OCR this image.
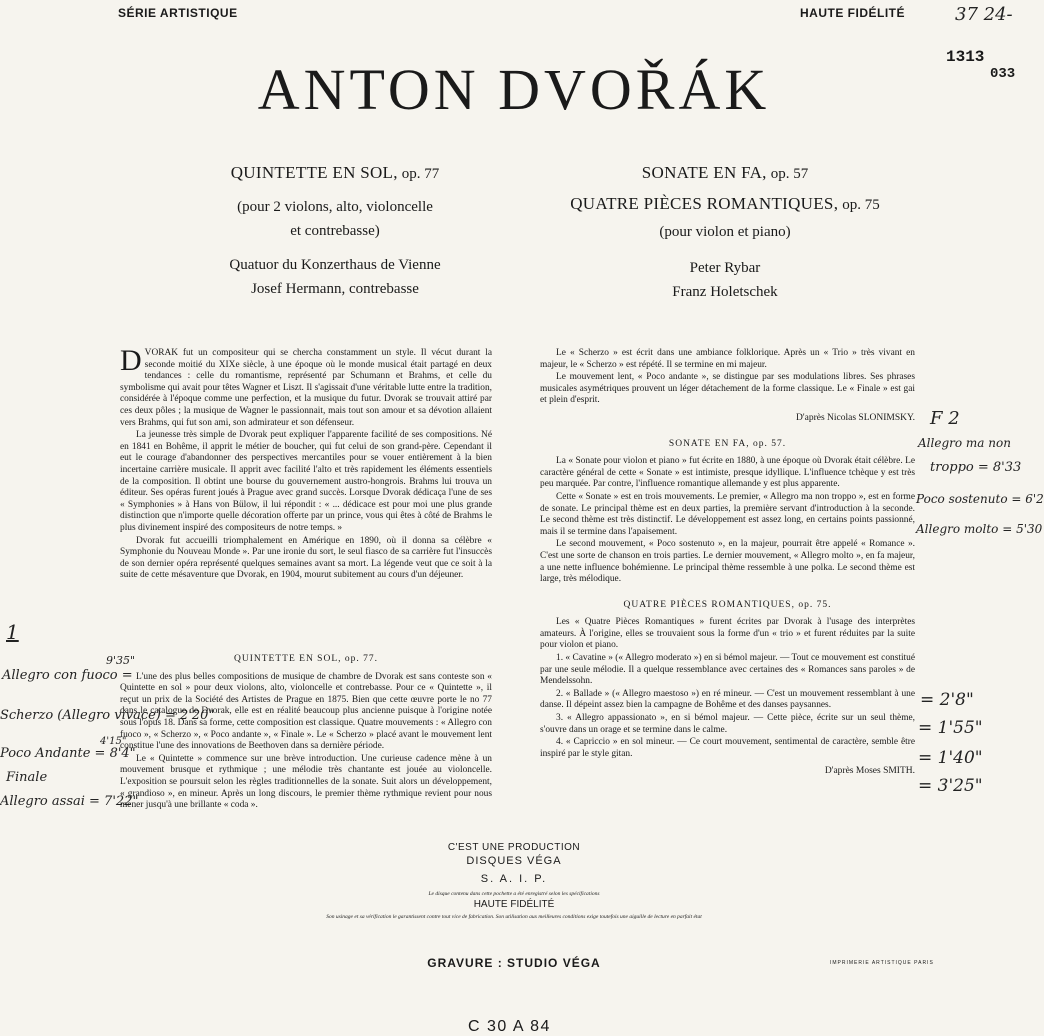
SÉRIE ARTISTIQUE	HAUTE FIDÉLITÉ	37 24-
1313
033
ANTON DVOŘÁK
QUINTETTE EN SOL, op. 77
(pour 2 violons, alto, violoncelle
et contrebasse)
Quatuor du Konzerthaus de Vienne
Josef Hermann, contrebasse
SONATE EN FA, op. 57
QUATRE PIÈCES ROMANTIQUES, op. 75
(pour violon et piano)
Peter Rybar
Franz Holetschek

DVORAK fut un compositeur qui se chercha constamment un style. Il vécut durant la seconde moitié du XIXe siècle, à une époque où le monde musical était partagé en deux tendances : celle du romantisme, représenté par Schumann et Brahms, et celle du symbolisme qui avait pour têtes Wagner et Liszt. Il s'agissait d'une véritable lutte entre la tradition, considérée à l'époque comme une perfection, et la musique du futur. Dvorak se trouvait attiré par ces deux pôles ; la musique de Wagner le passionnait, mais tout son amour et sa dévotion allaient vers Brahms, qui fut son ami, son admirateur et son défenseur.

La jeunesse très simple de Dvorak peut expliquer l'apparente facilité de ses compositions. Né en 1841 en Bohême, il apprit le métier de boucher, qui fut celui de son grand-père. Cependant il eut le courage d'abandonner des perspectives mercantiles pour se vouer entièrement à la bien incertaine carrière musicale. Il apprit avec facilité l'alto et très rapidement les éléments essentiels de la composition. Il obtint une bourse du gouvernement austro-hongrois. Brahms lui trouva un éditeur. Ses opéras furent joués à Prague avec grand succès. Lorsque Dvorak dédicaça l'une de ses « Symphonies » à Hans von Bülow, il lui répondit : « ... dédicace est pour moi une plus grande distinction que n'importe quelle décoration offerte par un prince, vous qui êtes à côté de Brahms le plus divinement inspiré des compositeurs de notre temps. »

Dvorak fut accueilli triomphalement en Amérique en 1890, où il donna sa célèbre « Symphonie du Nouveau Monde ». Par une ironie du sort, le seul fiasco de sa carrière fut l'insuccès de son dernier opéra représenté quelques semaines avant sa mort. La légende veut que ce soit à la suite de cette mésaventure que Dvorak, en 1904, mourut subitement au cours d'un déjeuner.

QUINTETTE EN SOL, op. 77.

L'une des plus belles compositions de musique de chambre de Dvorak est sans conteste son « Quintette en sol » pour deux violons, alto, violoncelle et contrebasse. Pour ce « Quintette », il reçut un prix de la Société des Artistes de Prague en 1875. Bien que cette œuvre porte le no 77 dans le catalogue de Dvorak, elle est en réalité beaucoup plus ancienne puisque à l'origine notée sous l'opus 18. Dans sa forme, cette composition est classique. Quatre mouvements : « Allegro con fuoco », « Scherzo », « Poco andante », « Finale ». Le « Scherzo » placé avant le mouvement lent constitue l'une des innovations de Beethoven dans sa dernière période.

Le « Quintette » commence sur une brève introduction. Une curieuse cadence mène à un mouvement brusque et rythmique ; une mélodie très chantante est jouée au violoncelle. L'exposition se poursuit selon les règles traditionnelles de la sonate. Suit alors un développement, « grandioso », en mineur. Après un long discours, le premier thème rythmique revient pour nous mener jusqu'à une brillante « coda ».

Le « Scherzo » est écrit dans une ambiance folklorique. Après un « Trio » très vivant en majeur, le « Scherzo » est répété. Il se termine en mi majeur.

Le mouvement lent, « Poco andante », se distingue par ses modulations libres. Ses phrases musicales asymétriques prouvent un léger détachement de la forme classique. Le « Finale » est gai et plein d'esprit.

D'après Nicolas SLONIMSKY.
SONATE EN FA, op. 57.

La « Sonate pour violon et piano » fut écrite en 1880, à une époque où Dvorak était célèbre. Le caractère général de cette « Sonate » est intimiste, presque idyllique. L'influence tchèque y est très peu marquée. Par contre, l'influence romantique allemande y est plus apparente.

Cette « Sonate » est en trois mouvements. Le premier, « Allegro ma non troppo », est en forme de sonate. Le principal thème est en deux parties, la première servant d'introduction à la seconde. Le second thème est très distinctif. Le développement est assez long, en certains points passionné, mais il se termine dans l'apaisement.

Le second mouvement, « Poco sostenuto », en la majeur, pourrait être appelé « Romance ». C'est une sorte de chanson en trois parties. Le dernier mouvement, « Allegro molto », en fa majeur, a une nette influence bohémienne. Le principal thème ressemble à une polka. Le second thème est large, très mélodique.

QUATRE PIÈCES ROMANTIQUES, op. 75.

Les « Quatre Pièces Romantiques » furent écrites par Dvorak à l'usage des interprètes amateurs. À l'origine, elles se trouvaient sous la forme d'un « trio » et furent réduites par la suite pour violon et piano.

1. « Cavatine » (« Allegro moderato ») en si bémol majeur. — Tout ce mouvement est constitué par une seule mélodie. Il a quelque ressemblance avec certaines des « Romances sans paroles » de Mendelssohn.

2. « Ballade » (« Allegro maestoso ») en ré mineur. — C'est un mouvement ressemblant à une danse. Il dépeint assez bien la campagne de Bohême et des danses paysannes.

3. « Allegro appassionato », en si bémol majeur. — Cette pièce, écrite sur un seul thème, s'ouvre dans un orage et se termine dans le calme.

4. « Capriccio » en sol mineur. — Ce court mouvement, sentimental de caractère, semble être inspiré par le style gitan.

D'après Moses SMITH.
1
9'35"
Allegro con fuoco =
Scherzo (Allegro vivace) = 2'20"
4'15"
Poco Andante = 8'4"
Finale
Allegro assai = 7'22"
F 2
Allegro ma non
troppo = 8'33
Poco sostenuto = 6'2
Allegro molto = 5'30
= 2'8"
= 1'55"
= 1'40"
= 3'25"
C'EST UNE PRODUCTION
DISQUES VÉGA
S. A. I. P.
Le disque contenu dans cette pochette a été enregistré selon les spécifications
HAUTE FIDÉLITÉ
Son usinage et sa vérification le garantissent contre tout vice de fabrication. Son utilisation aux meilleures conditions exige toutefois une aiguille de lecture en parfait état
GRAVURE : STUDIO VÉGA	IMPRIMERIE ARTISTIQUE PARIS
C 30 A 84
